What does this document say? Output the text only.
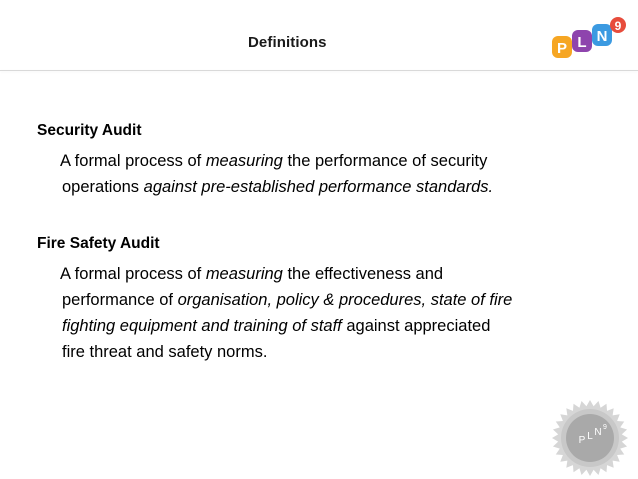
Definitions	P L N
9
Security Audit
A formal process of measuring the performance of security
operations against pre-established performance standards.
Fire Safety Audit
A formal process of measuring the effectiveness and
performance of organisation, policy & procedures, state of fire
fighting equipment and training of staff against appreciated
fire threat and safety norms.
P L N 9
